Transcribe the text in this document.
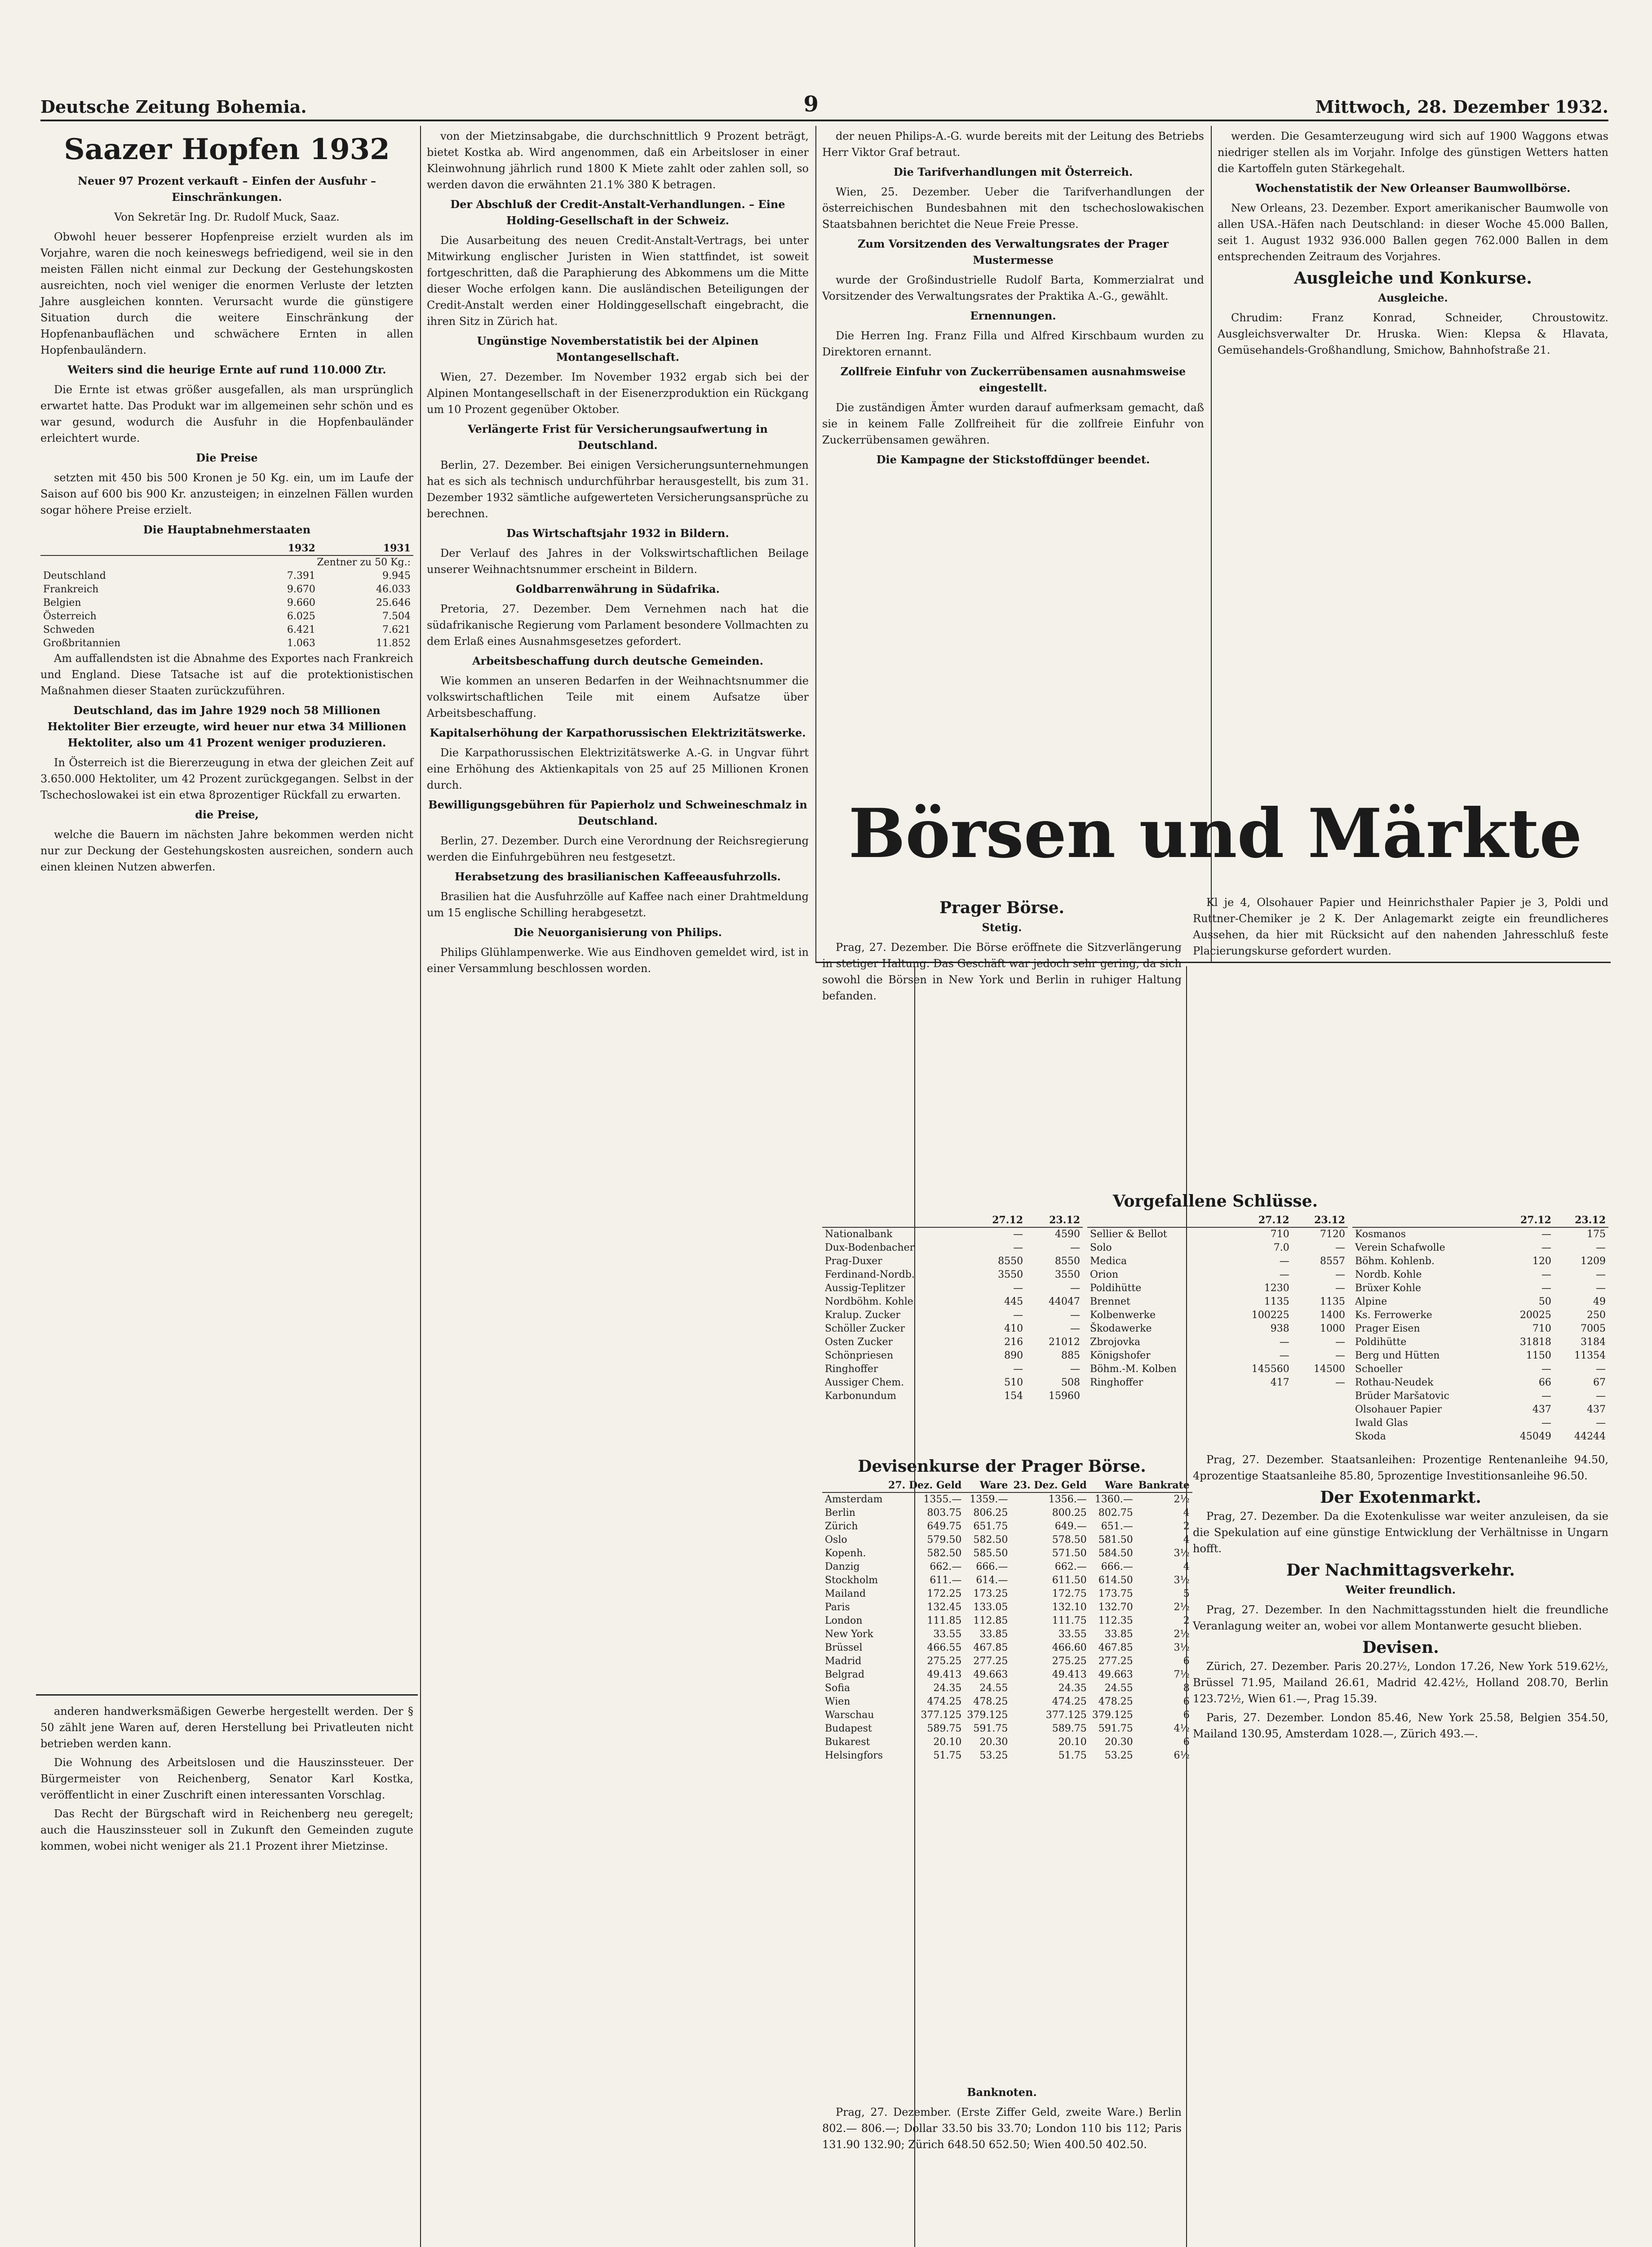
Deutsche Zeitung Bohemia.	9	Mittwoch, 28. Dezember 1932.
Saazer Hopfen 1932
Neuer 97 Prozent verkauft – Einfen der Ausfuhr – Einschränkungen.
Von Sekretär Ing. Dr. Rudolf Muck, Saaz.

Obwohl heuer besserer Hopfenpreise erzielt wurden als im Vorjahre, waren die noch keineswegs befriedigend, weil sie in den meisten Fällen nicht einmal zur Deckung der Gestehungskosten ausreichten, noch viel weniger die enormen Verluste der letzten Jahre ausgleichen konnten. Verursacht wurde die günstigere Situation durch die weitere Einschränkung der Hopfenanbauflächen und schwächere Ernten in allen Hopfenbauländern.

Weiters sind die heurige Ernte auf rund 110.000 Ztr.

Die Ernte ist etwas größer ausgefallen, als man ursprünglich erwartet hatte. Das Produkt war im allgemeinen sehr schön und es war gesund, wodurch die Ausfuhr in die Hopfenbauländer erleichtert wurde.

Die Preise

setzten mit 450 bis 500 Kronen je 50 Kg. ein, um im Laufe der Saison auf 600 bis 900 Kr. anzusteigen; in einzelnen Fällen wurden sogar höhere Preise erzielt.

Die Hauptabnehmerstaaten
	1932	1931
Zentner zu 50 Kg.:		
Deutschland	7.391	9.945
Frankreich	9.670	46.033
Belgien	9.660	25.646
Österreich	6.025	7.504
Schweden	6.421	7.621
Großbritannien	1.063	11.852

Am auffallendsten ist die Abnahme des Exportes nach Frankreich und England. Diese Tatsache ist auf die protektionistischen Maßnahmen dieser Staaten zurückzuführen.

Deutschland, das im Jahre 1929 noch 58 Millionen Hektoliter Bier erzeugte, wird heuer nur etwa 34 Millionen Hektoliter, also um 41 Prozent weniger produzieren.

In Österreich ist die Biererzeugung in etwa der gleichen Zeit auf 3.650.000 Hektoliter, um 42 Prozent zurückgegangen. Selbst in der Tschechoslowakei ist ein etwa 8prozentiger Rückfall zu erwarten.

die Preise,

welche die Bauern im nächsten Jahre bekommen werden nicht nur zur Deckung der Gestehungskosten ausreichen, sondern auch einen kleinen Nutzen abwerfen.

anderen handwerksmäßigen Gewerbe hergestellt werden. Der § 50 zählt jene Waren auf, deren Herstellung bei Privatleuten nicht betrieben werden kann.

Die Wohnung des Arbeitslosen und die Hauszinssteuer. Der Bürgermeister von Reichenberg, Senator Karl Kostka, veröffentlicht in einer Zuschrift einen interessanten Vorschlag.

Das Recht der Bürgschaft wird in Reichenberg neu geregelt; auch die Hauszinssteuer soll in Zukunft den Gemeinden zugute kommen, wobei nicht weniger als 21.1 Prozent ihrer Mietzinse.

von der Mietzinsabgabe, die durchschnittlich 9 Prozent beträgt, bietet Kostka ab. Wird angenommen, daß ein Arbeitsloser in einer Kleinwohnung jährlich rund 1800 K Miete zahlt oder zahlen soll, so werden davon die erwähnten 21.1% 380 K betragen.

Der Abschluß der Credit-Anstalt-Verhandlungen. – Eine Holding-Gesellschaft in der Schweiz.

Die Ausarbeitung des neuen Credit-Anstalt-Vertrags, bei unter Mitwirkung englischer Juristen in Wien stattfindet, ist soweit fortgeschritten, daß die Paraphierung des Abkommens um die Mitte dieser Woche erfolgen kann. Die ausländischen Beteiligungen der Credit-Anstalt werden einer Holdinggesellschaft eingebracht, die ihren Sitz in Zürich hat.

Ungünstige Novemberstatistik bei der Alpinen Montangesellschaft.

Wien, 27. Dezember. Im November 1932 ergab sich bei der Alpinen Montangesellschaft in der Eisenerzproduktion ein Rückgang um 10 Prozent gegenüber Oktober.

Verlängerte Frist für Versicherungsaufwertung in Deutschland.

Berlin, 27. Dezember. Bei einigen Versicherungsunternehmungen hat es sich als technisch undurchführbar herausgestellt, bis zum 31. Dezember 1932 sämtliche aufgewerteten Versicherungsansprüche zu berechnen.

Das Wirtschaftsjahr 1932 in Bildern.

Der Verlauf des Jahres in der Volkswirtschaftlichen Beilage unserer Weihnachtsnummer erscheint in Bildern.

Goldbarrenwährung in Südafrika.

Pretoria, 27. Dezember. Dem Vernehmen nach hat die südafrikanische Regierung vom Parlament besondere Vollmachten zu dem Erlaß eines Ausnahmsgesetzes gefordert.

Arbeitsbeschaffung durch deutsche Gemeinden.

Wie kommen an unseren Bedarfen in der Weihnachtsnummer die volkswirtschaftlichen Teile mit einem Aufsatze über Arbeitsbeschaffung.

Kapitalserhöhung der Karpathorussischen Elektrizitätswerke.

Die Karpathorussischen Elektrizitätswerke A.-G. in Ungvar führt eine Erhöhung des Aktienkapitals von 25 auf 25 Millionen Kronen durch.

Bewilligungsgebühren für Papierholz und Schweineschmalz in Deutschland.

Berlin, 27. Dezember. Durch eine Verordnung der Reichsregierung werden die Einfuhrgebühren neu festgesetzt.

Herabsetzung des brasilianischen Kaffeeausfuhrzolls.

Brasilien hat die Ausfuhrzölle auf Kaffee nach einer Drahtmeldung um 15 englische Schilling herabgesetzt.

Die Neuorganisierung von Philips.

Philips Glühlampenwerke. Wie aus Eindhoven gemeldet wird, ist in einer Versammlung beschlossen worden.

der neuen Philips-A.-G. wurde bereits mit der Leitung des Betriebs Herr Viktor Graf betraut.

Die Tarifverhandlungen mit Österreich.

Wien, 25. Dezember. Ueber die Tarifverhandlungen der österreichischen Bundesbahnen mit den tschechoslowakischen Staatsbahnen berichtet die Neue Freie Presse.

Zum Vorsitzenden des Verwaltungsrates der Prager Mustermesse

wurde der Großindustrielle Rudolf Barta, Kommerzialrat und Vorsitzender des Verwaltungsrates der Praktika A.-G., gewählt.

Ernennungen.

Die Herren Ing. Franz Filla und Alfred Kirschbaum wurden zu Direktoren ernannt.

Zollfreie Einfuhr von Zuckerrübensamen ausnahmsweise eingestellt.

Die zuständigen Ämter wurden darauf aufmerksam gemacht, daß sie in keinem Falle Zollfreiheit für die zollfreie Einfuhr von Zuckerrübensamen gewähren.

Die Kampagne der Stickstoffdünger beendet.

werden. Die Gesamterzeugung wird sich auf 1900 Waggons etwas niedriger stellen als im Vorjahr. Infolge des günstigen Wetters hatten die Kartoffeln guten Stärkegehalt.

Wochenstatistik der New Orleanser Baumwollbörse.

New Orleans, 23. Dezember. Export amerikanischer Baumwolle von allen USA.-Häfen nach Deutschland: in dieser Woche 45.000 Ballen, seit 1. August 1932 936.000 Ballen gegen 762.000 Ballen in dem entsprechenden Zeitraum des Vorjahres.

Ausgleiche und Konkurse.
Ausgleiche.

Chrudim: Franz Konrad, Schneider, Chroustowitz. Ausgleichsverwalter Dr. Hruska. Wien: Klepsa & Hlavata, Gemüsehandels-Großhandlung, Smichow, Bahnhofstraße 21.

Börsen und Märkte
Prager Börse.
Stetig.

Prag, 27. Dezember. Die Börse eröffnete die Sitzverlängerung in stetiger Haltung. Das Geschäft war jedoch sehr gering, da sich sowohl die Börsen in New York und Berlin in ruhiger Haltung befanden.

Kl je 4, Olsohauer Papier und Heinrichsthaler Papier je 3, Poldi und Ruttner-Chemiker je 2 K. Der Anlagemarkt zeigte ein freundlicheres Aussehen, da hier mit Rücksicht auf den nahenden Jahresschluß feste Placierungskurse gefordert wurden.

Vorgefallene Schlüsse.
	27.12	23.12
Nationalbank	—	4590
Dux-Bodenbacher	—	—
Prag-Duxer	8550	8550
Ferdinand-Nordb.	3550	3550
Aussig-Teplitzer	—	—
Nordböhm. Kohle	445	44047
Kralup. Zucker	—	—
Schöller Zucker	410	—
Osten Zucker	216	21012
Schönpriesen	890	885
Ringhoffer	—	—
Aussiger Chem.	510	508
Karbonundum	154	15960
	27.12	23.12
Sellier & Bellot	710	7120
Solo	7.0	—
Medica	—	8557
Orion	—	—
Poldihütte	1230	—
Brennet	1135	1135
Kolbenwerke	100225	1400
Škodawerke	938	1000
Zbrojovka	—	—
Königshofer	—	—
Böhm.-M. Kolben	145560	14500
Ringhoffer	417	—
	27.12	23.12
Kosmanos	—	175
Verein Schafwolle	—	—
Böhm. Kohlenb.	120	1209
Nordb. Kohle	—	—
Brüxer Kohle	—	—
Alpine	50	49
Ks. Ferrowerke	20025	250
Prager Eisen	710	7005
Poldihütte	31818	3184
Berg und Hütten	1150	11354
Schoeller	—	—
Rothau-Neudek	66	67
Brüder Maršatovic	—	—
Olsohauer Papier	437	437
Iwald Glas	—	—
Skoda	45049	44244
Devisenkurse der Prager Börse.
	27. Dez. Geld	Ware	23. Dez. Geld	Ware	Bankrate
Amsterdam	1355.—	1359.—	1356.—	1360.—	2½
Berlin	803.75	806.25	800.25	802.75	4
Zürich	649.75	651.75	649.—	651.—	2
Oslo	579.50	582.50	578.50	581.50	4
Kopenh.	582.50	585.50	571.50	584.50	3½
Danzig	662.—	666.—	662.—	666.—	4
Stockholm	611.—	614.—	611.50	614.50	3½
Mailand	172.25	173.25	172.75	173.75	5
Paris	132.45	133.05	132.10	132.70	2½
London	111.85	112.85	111.75	112.35	2
New York	33.55	33.85	33.55	33.85	2½
Brüssel	466.55	467.85	466.60	467.85	3½
Madrid	275.25	277.25	275.25	277.25	6
Belgrad	49.413	49.663	49.413	49.663	7½
Sofia	24.35	24.55	24.35	24.55	8
Wien	474.25	478.25	474.25	478.25	6
Warschau	377.125	379.125	377.125	379.125	6
Budapest	589.75	591.75	589.75	591.75	4½
Bukarest	20.10	20.30	20.10	20.30	6
Helsingfors	51.75	53.25	51.75	53.25	6½
Banknoten.

Prag, 27. Dezember. (Erste Ziffer Geld, zweite Ware.) Berlin 802.— 806.—; Dollar 33.50 bis 33.70; London 110 bis 112; Paris 131.90 132.90; Zürich 648.50 652.50; Wien 400.50 402.50.

Prag, 27. Dezember. Staatsanleihen: Prozentige Rentenanleihe 94.50, 4prozentige Staatsanleihe 85.80, 5prozentige Investitionsanleihe 96.50.

Der Exotenmarkt.

Prag, 27. Dezember. Da die Exotenkulisse war weiter anzuleisen, da sie die Spekulation auf eine günstige Entwicklung der Verhältnisse in Ungarn hofft.

Der Nachmittagsverkehr.
Weiter freundlich.

Prag, 27. Dezember. In den Nachmittagsstunden hielt die freundliche Veranlagung weiter an, wobei vor allem Montanwerte gesucht blieben.

Devisen.

Zürich, 27. Dezember. Paris 20.27½, London 17.26, New York 519.62½, Brüssel 71.95, Mailand 26.61, Madrid 42.42½, Holland 208.70, Berlin 123.72½, Wien 61.—, Prag 15.39.

Paris, 27. Dezember. London 85.46, New York 25.58, Belgien 354.50, Mailand 130.95, Amsterdam 1028.—, Zürich 493.—.
